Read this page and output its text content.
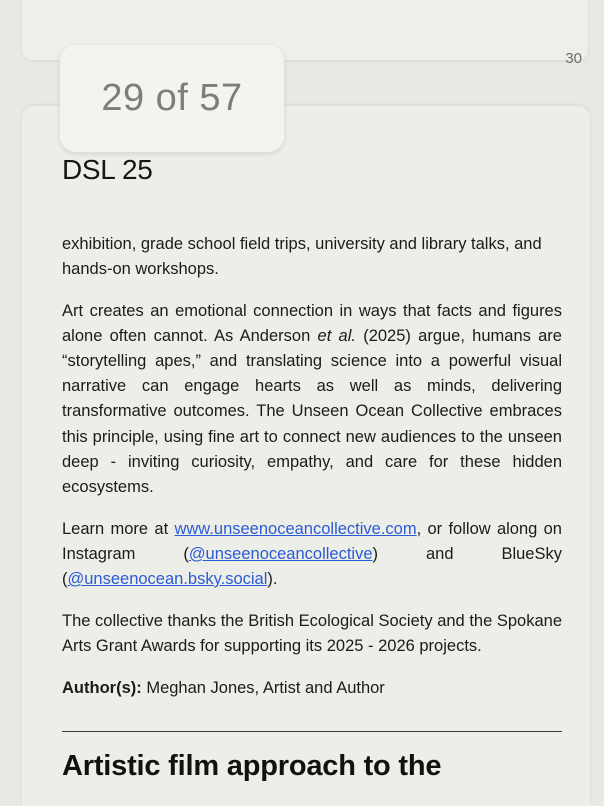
30
DSL 25

exhibition, grade school field trips, university and library talks, and hands-on workshops.

Art creates an emotional connection in ways that facts and figures alone often cannot. As Anderson et al. (2025) argue, humans are “storytelling apes,” and translating science into a powerful visual narrative can engage hearts as well as minds, delivering transformative outcomes. The Unseen Ocean Collective embraces this principle, using fine art to connect new audiences to the unseen deep - inviting curiosity, empathy, and care for these hidden ecosystems.

Learn more at www.unseenoceancollective.com, or follow along on Instagram (@unseenoceancollective) and BlueSky (@unseenocean.bsky.social).

The collective thanks the British Ecological Society and the Spokane Arts Grant Awards for supporting its 2025 - 2026 projects.

Author(s): Meghan Jones, Artist and Author

Artistic film approach to the
29 of 57
